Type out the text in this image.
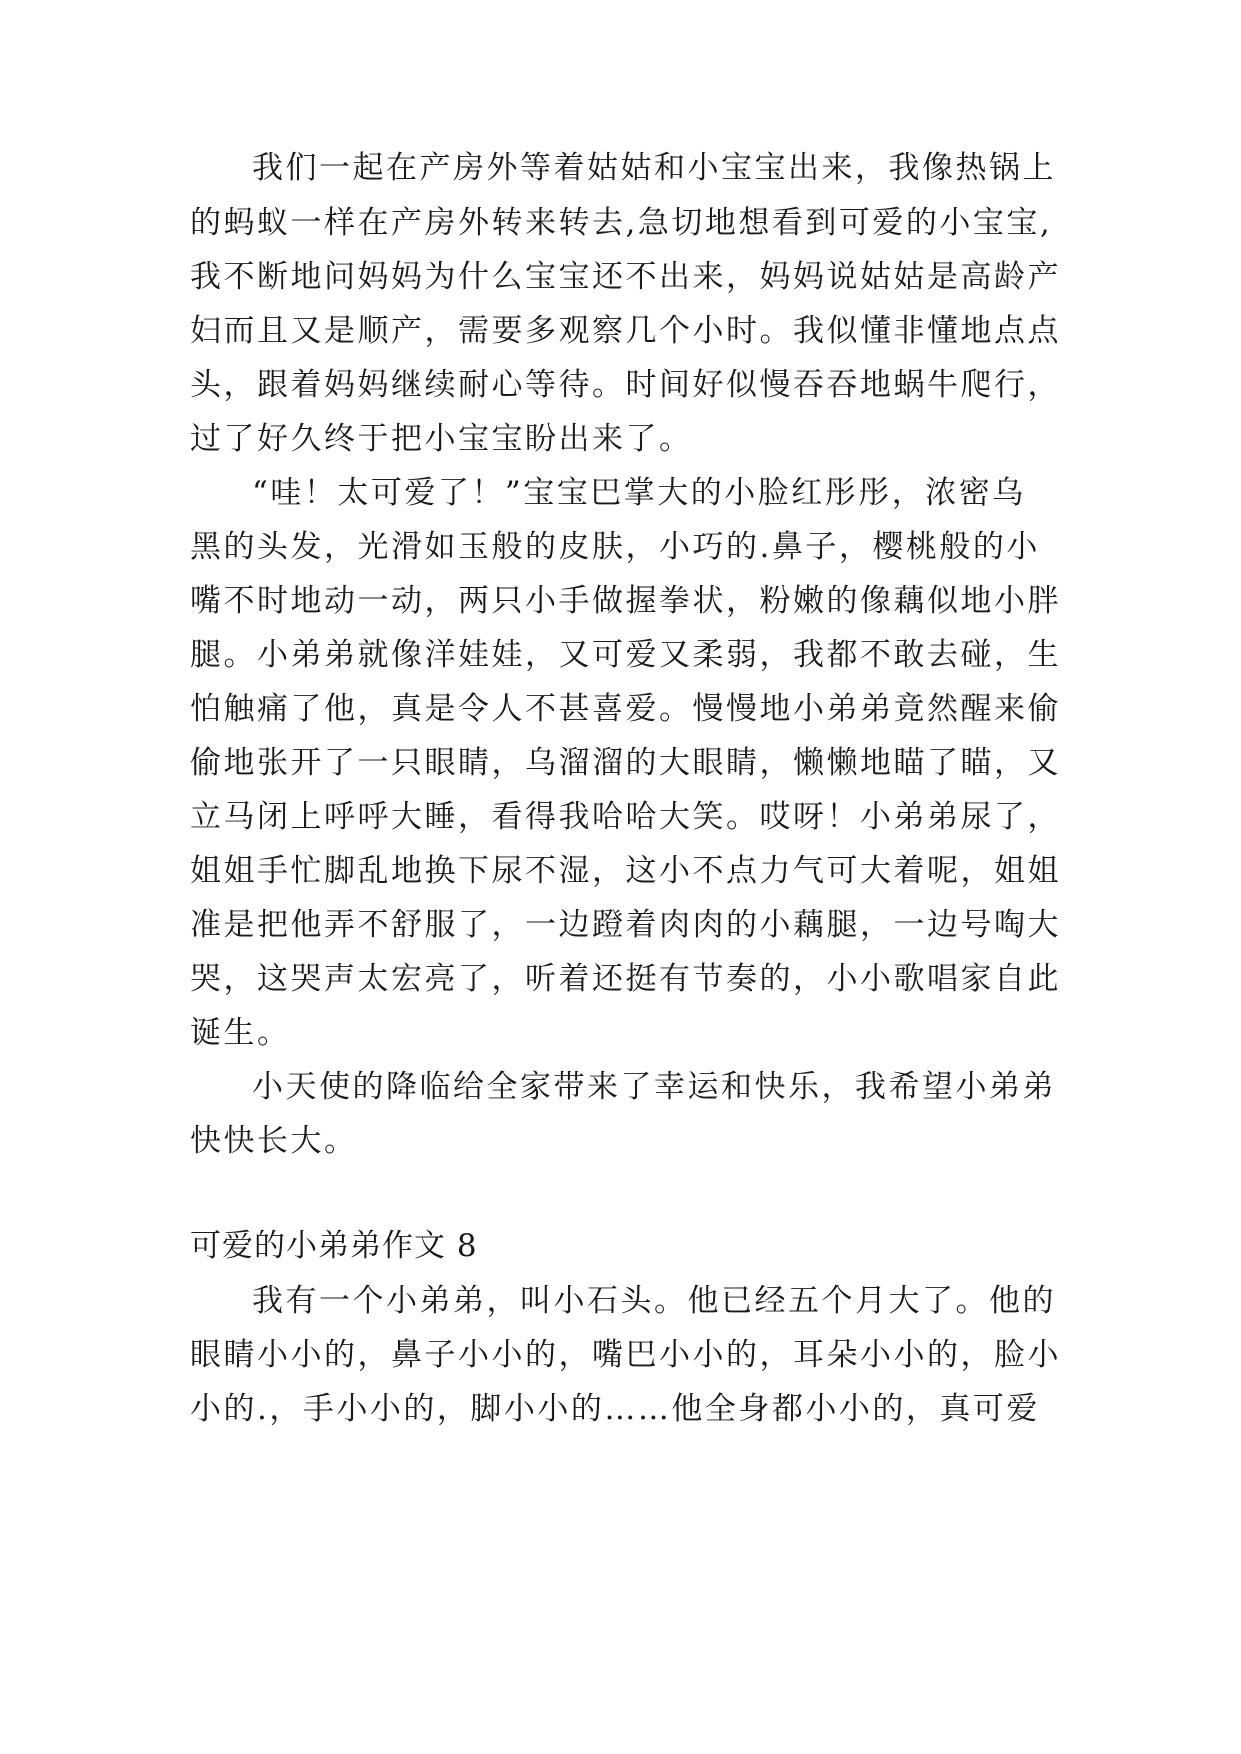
我们一起在产房外等着姑姑和小宝宝出来，我像热锅上
的蚂蚁一样在产房外转来转去,急切地想看到可爱的小宝宝,
我不断地问妈妈为什么宝宝还不出来，妈妈说姑姑是高龄产
妇而且又是顺产，需要多观察几个小时。我似懂非懂地点点
头，跟着妈妈继续耐心等待。时间好似慢吞吞地蜗牛爬行，
过了好久终于把小宝宝盼出来了。
“哇！太可爱了！”宝宝巴掌大的小脸红彤彤，浓密乌
黑的头发，光滑如玉般的皮肤，小巧的.鼻子，樱桃般的小
嘴不时地动一动，两只小手做握拳状，粉嫩的像藕似地小胖
腿。小弟弟就像洋娃娃，又可爱又柔弱，我都不敢去碰，生
怕触痛了他，真是令人不甚喜爱。慢慢地小弟弟竟然醒来偷
偷地张开了一只眼睛，乌溜溜的大眼睛，懒懒地瞄了瞄，又
立马闭上呼呼大睡，看得我哈哈大笑。哎呀！小弟弟尿了，
姐姐手忙脚乱地换下尿不湿，这小不点力气可大着呢，姐姐
准是把他弄不舒服了，一边蹬着肉肉的小藕腿，一边号啕大
哭，这哭声太宏亮了，听着还挺有节奏的，小小歌唱家自此
诞生。
小天使的降临给全家带来了幸运和快乐，我希望小弟弟
快快长大。
可爱的小弟弟作文 8
我有一个小弟弟，叫小石头。他已经五个月大了。他的
眼睛小小的，鼻子小小的，嘴巴小小的，耳朵小小的，脸小
小的.，手小小的，脚小小的……他全身都小小的，真可爱
